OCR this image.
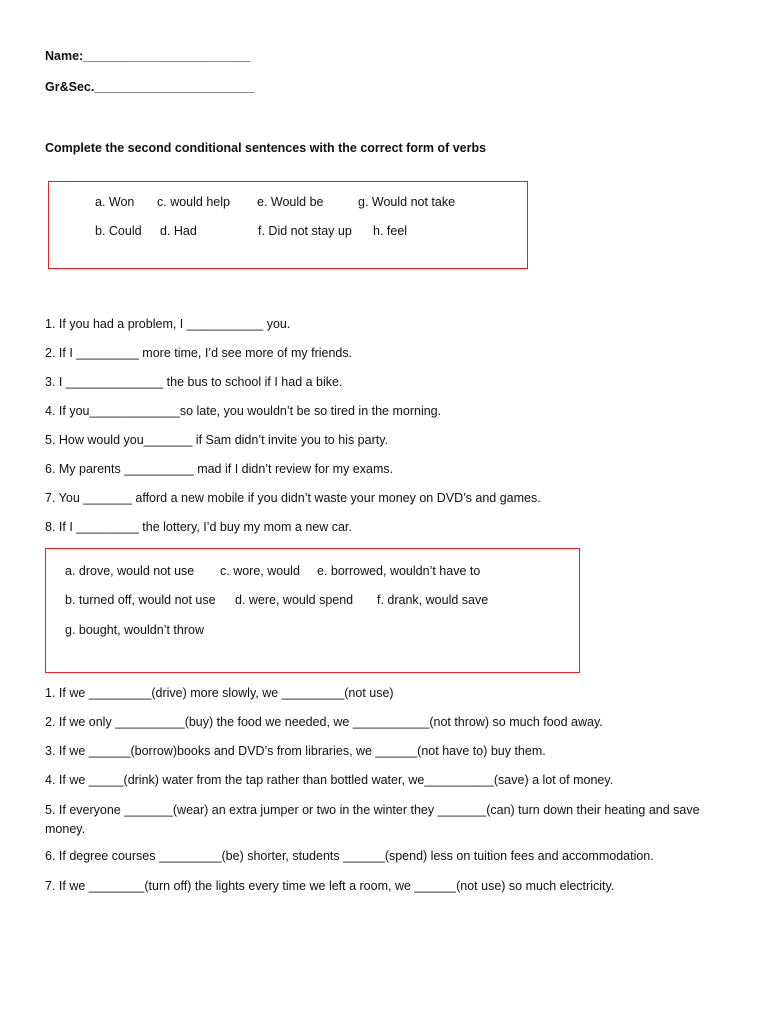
Name:________________________
Gr&Sec._______________________
Complete the second conditional sentences with the correct form of verbs
a. Won c. would help e. Would be	g. Would not take
b. Could d. Had	f. Did not stay up h. feel
1. If you had a problem, I ___________ you.
2. If I _________ more time, I’d see more of my friends.
3. I ______________ the bus to school if I had a bike.
4. If you_____________so late, you wouldn’t be so tired in the morning.
5. How would you_______ if Sam didn’t invite you to his party.
6. My parents __________ mad if I didn’t review for my exams.
7. You _______ afford a new mobile if you didn’t waste your money on DVD’s and games.
8. If I _________ the lottery, I’d buy my mom a new car.
a. drove, would not use c. wore, would e. borrowed, wouldn’t have to
b. turned off, would not use d. were, would spend f. drank, would save
g. bought, wouldn’t throw
1. If we _________(drive) more slowly, we _________(not use)
2. If we only __________(buy) the food we needed, we ___________(not throw) so much food away.
3. If we ______(borrow)books and DVD’s from libraries, we ______(not have to) buy them.
4. If we _____(drink) water from the tap rather than bottled water, we__________(save) a lot of money.
5. If everyone _______(wear) an extra jumper or two in the winter they _______(can) turn down their heating and save money.
6. If degree courses _________(be) shorter, students ______(spend) less on tuition fees and accommodation.
7. If we ________(turn off) the lights every time we left a room, we ______(not use) so much electricity.
